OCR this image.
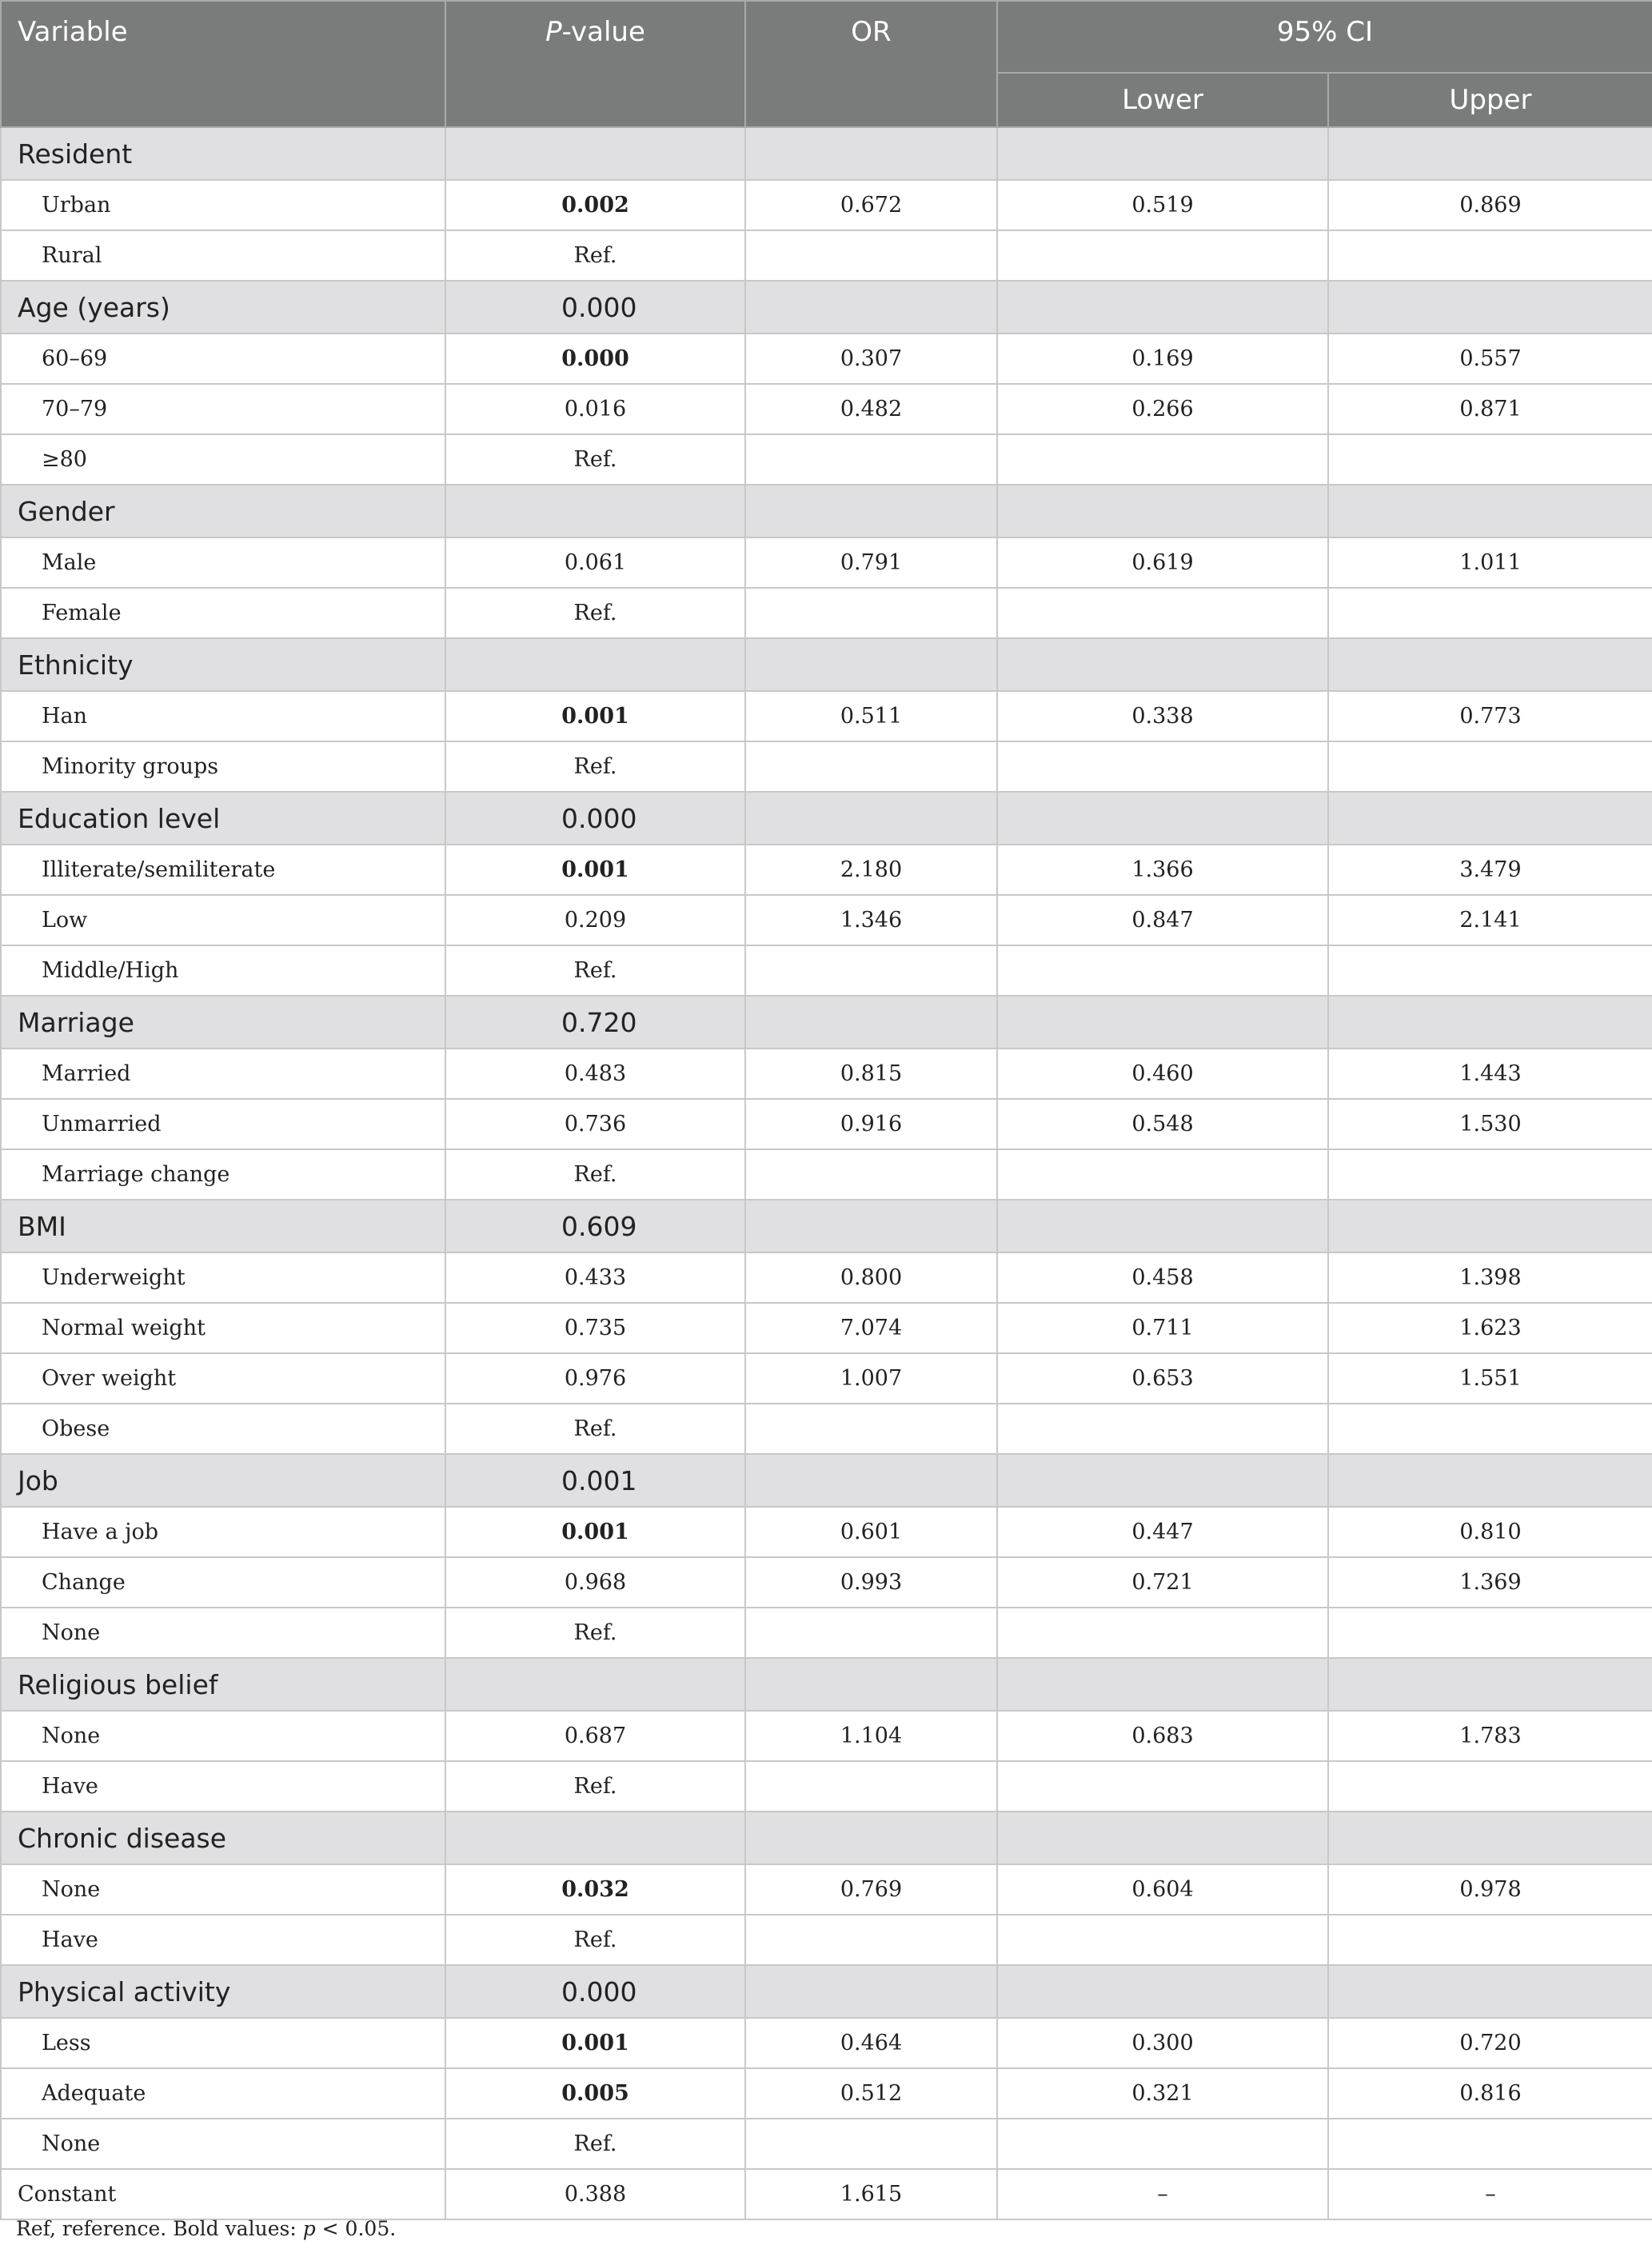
Variable	P-value	OR	95% CI	
			Lower	Upper
Resident				
Urban	0.002	0.672	0.519	0.869
Rural	Ref.			
Age (years)	0.000			
60–69	0.000	0.307	0.169	0.557
70–79	0.016	0.482	0.266	0.871
≥80	Ref.			
Gender				
Male	0.061	0.791	0.619	1.011
Female	Ref.			
Ethnicity				
Han	0.001	0.511	0.338	0.773
Minority groups	Ref.			
Education level	0.000			
Illiterate/semiliterate	0.001	2.180	1.366	3.479
Low	0.209	1.346	0.847	2.141
Middle/High	Ref.			
Marriage	0.720			
Married	0.483	0.815	0.460	1.443
Unmarried	0.736	0.916	0.548	1.530
Marriage change	Ref.			
BMI	0.609			
Underweight	0.433	0.800	0.458	1.398
Normal weight	0.735	7.074	0.711	1.623
Over weight	0.976	1.007	0.653	1.551
Obese	Ref.			
Job	0.001			
Have a job	0.001	0.601	0.447	0.810
Change	0.968	0.993	0.721	1.369
None	Ref.			
Religious belief				
None	0.687	1.104	0.683	1.783
Have	Ref.			
Chronic disease				
None	0.032	0.769	0.604	0.978
Have	Ref.			
Physical activity	0.000			
Less	0.001	0.464	0.300	0.720
Adequate	0.005	0.512	0.321	0.816
None	Ref.			
Constant	0.388	1.615	–	–
Ref, reference. Bold values: p < 0.05.
